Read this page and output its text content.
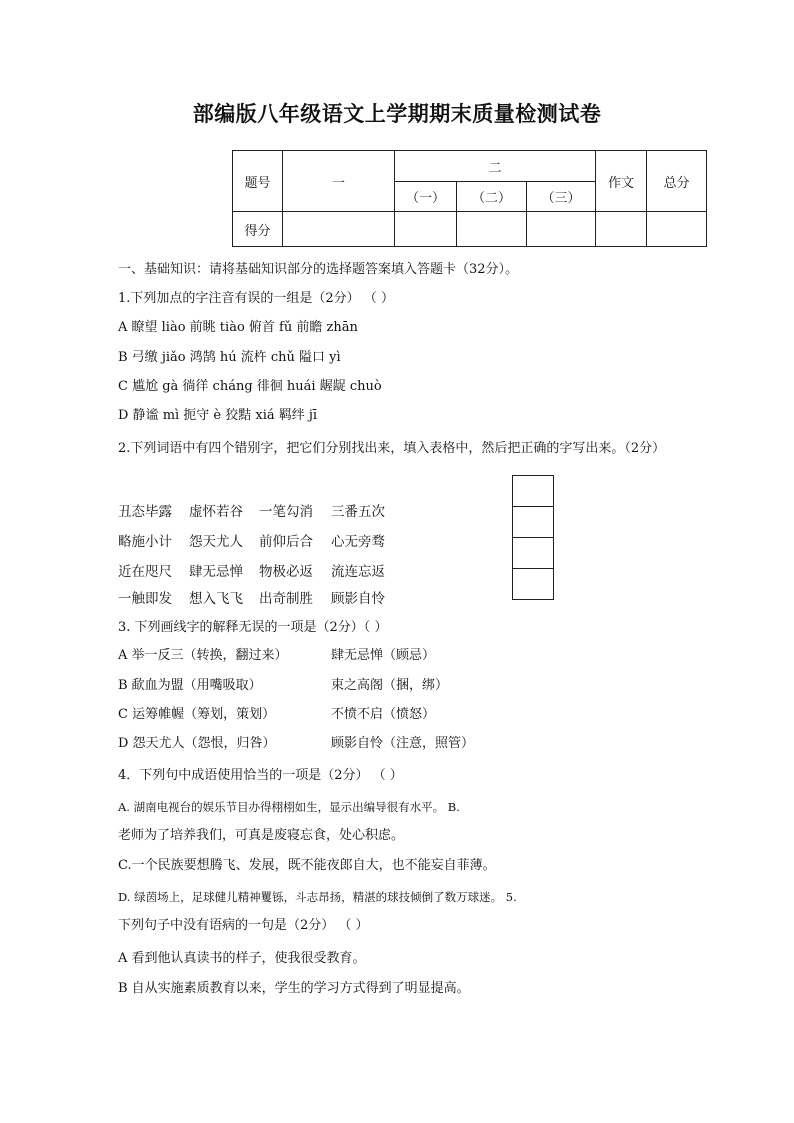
部编版八年级语文上学期期末质量检测试卷
题号	一	二			作文	总分
		（一）	（二）	（三）		
得分						
一、基础知识：请将基础知识部分的选择题答案填入答题卡（32分）。
1.下列加点的字注音有误的一组是（2分） （ ）
A 瞭望 liào 前眺 tiào 俯首 fǔ 前瞻 zhān
B 弓缴 jiǎo 鸿鹄 hú 流杵 chǔ 隘口 yì
C 尴尬 gà 徜徉 cháng 徘徊 huái 龌龊 chuò
D 静谧 mì 扼守 è 狡黠 xiá 羁绊 jī
2.下列词语中有四个错别字，把它们分别找出来，填入表格中，然后把正确的字写出来。（2分）
丑态毕露 虚怀若谷 一笔勾消 三番五次
略施小计 怨天尤人 前仰后合 心无旁骛
近在咫尺 肆无忌惮 物极必返 流连忘返
一触即发 想入飞飞 出奇制胜 顾影自怜
3. 下列画线字的解释无误的一项是（2分）（ ）
A 举一反三（转换，翻过来）	肆无忌惮（顾忌）
B 歃血为盟（用嘴吸取）	束之高阁（捆，绑）
C 运筹帷幄（筹划，策划）	不愤不启（愤怒）
D 怨天尤人（怨恨，归咎）	顾影自怜（注意，照管）
4．下列句中成语使用恰当的一项是（2分） （ ）
A. 湖南电视台的娱乐节目办得栩栩如生，显示出编导很有水平。 B.
老师为了培养我们，可真是废寝忘食，处心积虑。
C.一个民族要想腾飞、发展，既不能夜郎自大，也不能妄自菲薄。
D. 绿茵场上，足球健儿精神矍铄，斗志昂扬，精湛的球技倾倒了数万球迷。 5.
下列句子中没有语病的一句是（2分） （ ）
A 看到他认真读书的样子，使我很受教育。
B 自从实施素质教育以来，学生的学习方式得到了明显提高。
